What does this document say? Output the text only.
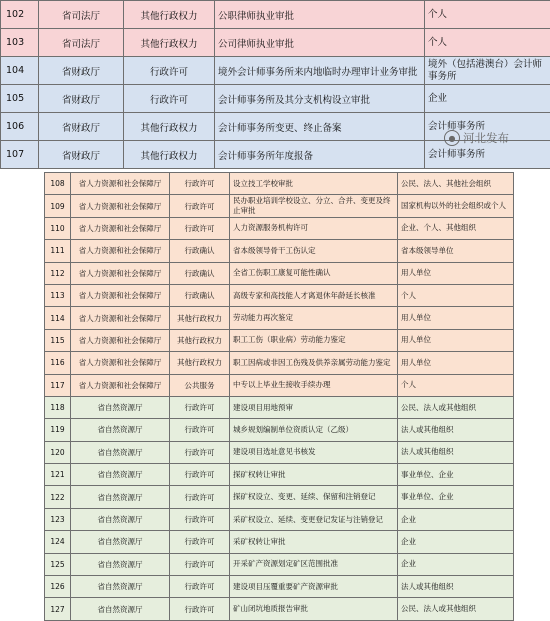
102	省司法厅	其他行政权力	公职律师执业审批	个人
103	省司法厅	其他行政权力	公司律师执业审批	个人
104	省财政厅	行政许可	境外会计师事务所来内地临时办理审计业务审批	境外（包括港澳台）会计师事务所
105	省财政厅	行政许可	会计师事务所及其分支机构设立审批	企业
106	省财政厅	其他行政权力	会计师事务所变更、终止备案	会计师事务所
107	省财政厅	其他行政权力	会计师事务所年度报备	会计师事务所
108	省人力资源和社会保障厅	行政许可	设立技工学校审批	公民、法人、其他社会组织
109	省人力资源和社会保障厅	行政许可	民办职业培训学校设立、分立、合并、变更及终止审批	国家机构以外的社会组织或个人
110	省人力资源和社会保障厅	行政许可	人力资源服务机构许可	企业、个人、其他组织
111	省人力资源和社会保障厅	行政确认	省本级领导骨干工伤认定	省本级领导单位
112	省人力资源和社会保障厅	行政确认	全省工伤职工康复可能性确认	用人单位
113	省人力资源和社会保障厅	行政确认	高级专家和高技能人才离退休年龄延长核准	个人
114	省人力资源和社会保障厅	其他行政权力	劳动能力再次鉴定	用人单位
115	省人力资源和社会保障厅	其他行政权力	职工工伤（职业病）劳动能力鉴定	用人单位
116	省人力资源和社会保障厅	其他行政权力	职工因病或非因工伤残及供养亲属劳动能力鉴定	用人单位
117	省人力资源和社会保障厅	公共服务	中专以上毕业生接收手续办理	个人
118	省自然资源厅	行政许可	建设项目用地预审	公民、法人或其他组织
119	省自然资源厅	行政许可	城乡规划编制单位资质认定（乙级）	法人或其他组织
120	省自然资源厅	行政许可	建设项目选址意见书核发	法人或其他组织
121	省自然资源厅	行政许可	探矿权转让审批	事业单位、企业
122	省自然资源厅	行政许可	探矿权设立、变更、延续、保留和注销登记	事业单位、企业
123	省自然资源厅	行政许可	采矿权设立、延续、变更登记发证与注销登记	企业
124	省自然资源厅	行政许可	采矿权转让审批	企业
125	省自然资源厅	行政许可	开采矿产资源划定矿区范围批准	企业
126	省自然资源厅	行政许可	建设项目压覆重要矿产资源审批	法人或其他组织
127	省自然资源厅	行政许可	矿山闭坑地质报告审批	公民、法人或其他组织
● 河北发布
